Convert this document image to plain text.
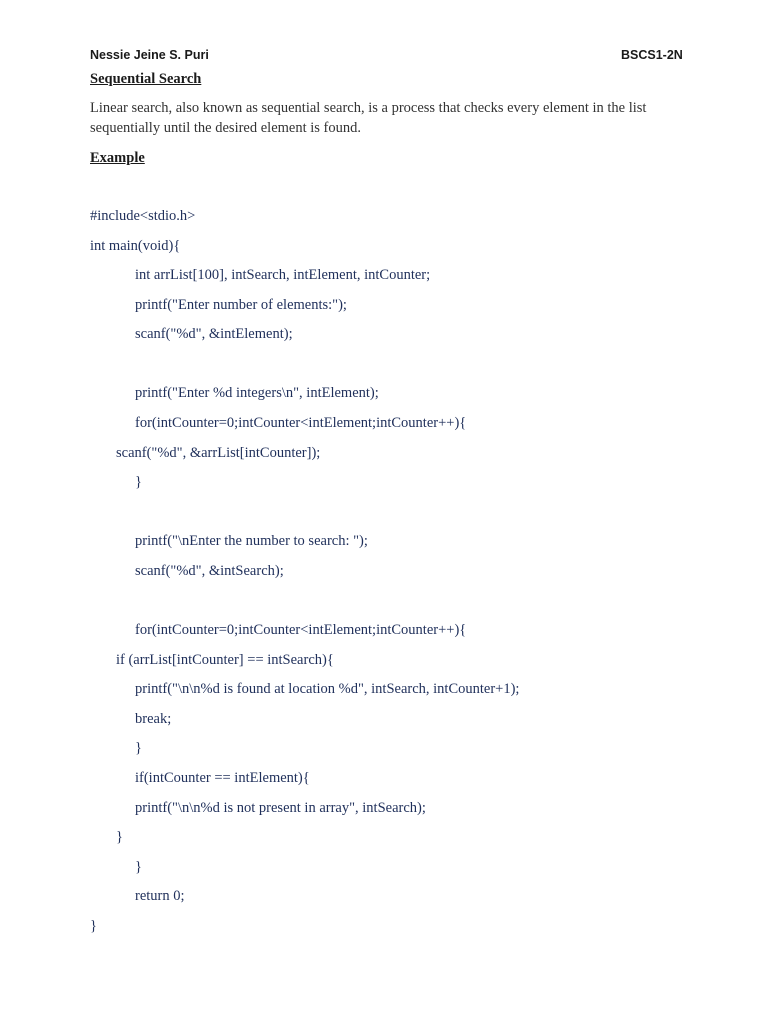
Nessie Jeine S. Puri	BSCS1-2N
Sequential Search
Linear search, also known as sequential search, is a process that checks every element in the list
sequentially until the desired element is found.
Example
#include<stdio.h>
int main(void){
int arrList[100], intSearch, intElement, intCounter;
printf("Enter number of elements:");
scanf("%d", &intElement);
printf("Enter %d integers\n", intElement);
for(intCounter=0;intCounter<intElement;intCounter++){
scanf("%d", &arrList[intCounter]);
}
printf("\nEnter the number to search: ");
scanf("%d", &intSearch);
for(intCounter=0;intCounter<intElement;intCounter++){
if (arrList[intCounter] == intSearch){
printf("\n\n%d is found at location %d", intSearch, intCounter+1);
break;
}
if(intCounter == intElement){
printf("\n\n%d is not present in array", intSearch);
}
}
return 0;
}
